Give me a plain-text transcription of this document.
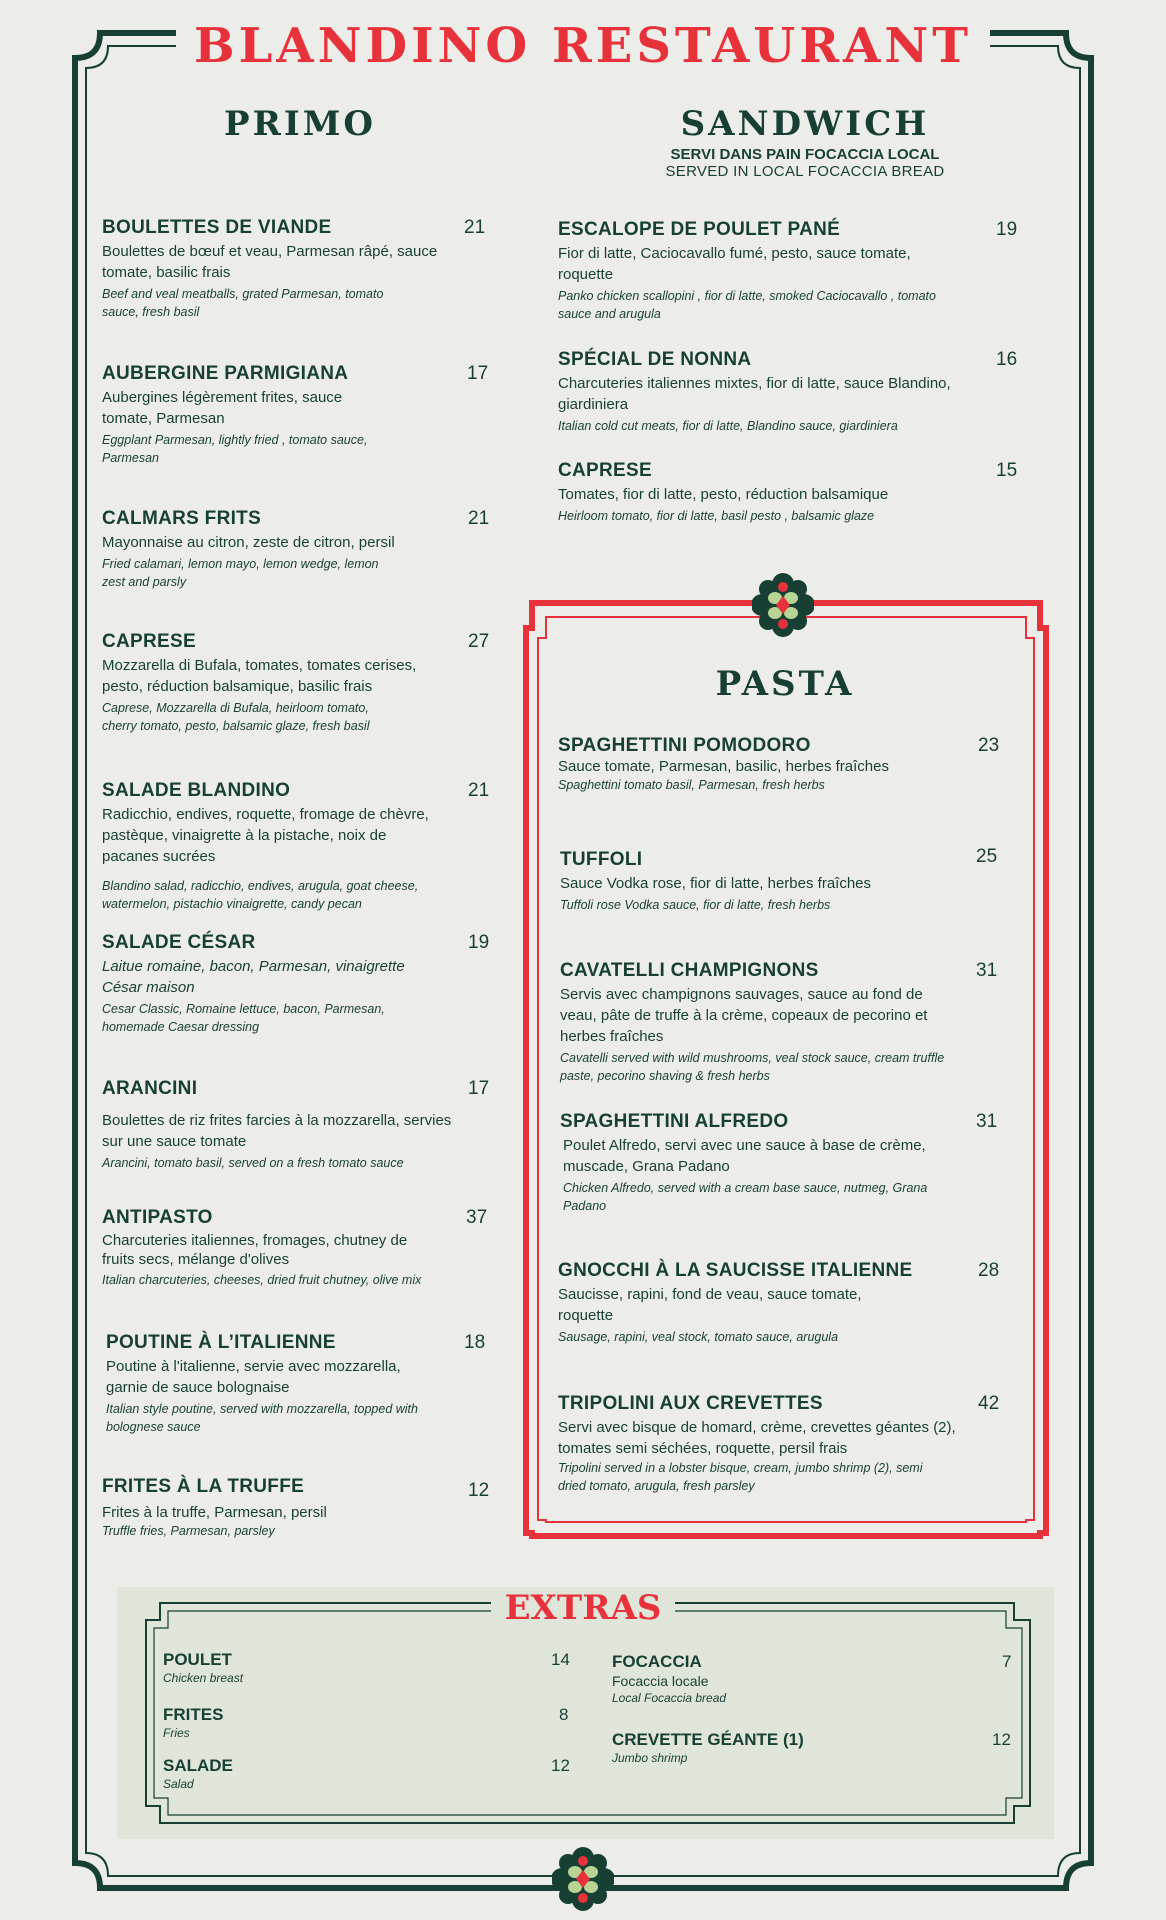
BLANDINO RESTAURANT
PRIMO	SANDWICH
SERVI DANS PAIN FOCACCIA LOCAL
SERVED IN LOCAL FOCACCIA BREAD
PASTA
BOULETTES DE VIANDE	21
Boulettes de bœuf et veau, Parmesan râpé, sauce tomate, basilic frais
Beef and veal meatballs, grated Parmesan, tomato sauce, fresh basil
AUBERGINE PARMIGIANA	17
Aubergines légèrement frites, sauce tomate, Parmesan
Eggplant Parmesan, lightly fried , tomato sauce, Parmesan
CALMARS FRITS	21
Mayonnaise au citron, zeste de citron, persil
Fried calamari, lemon mayo, lemon wedge, lemon zest and parsly
CAPRESE	27
Mozzarella di Bufala, tomates, tomates cerises, pesto, réduction balsamique, basilic frais
Caprese, Mozzarella di Bufala, heirloom tomato, cherry tomato, pesto, balsamic glaze, fresh basil
SALADE BLANDINO	21
Radicchio, endives, roquette, fromage de chèvre, pastèque, vinaigrette à la pistache, noix de pacanes sucrées
Blandino salad, radicchio, endives, arugula, goat cheese, watermelon, pistachio vinaigrette, candy pecan
SALADE CÉSAR	19
Laitue romaine, bacon, Parmesan, vinaigrette César maison
Cesar Classic, Romaine lettuce, bacon, Parmesan, homemade Caesar dressing
ARANCINI	17
Boulettes de riz frites farcies à la mozzarella, servies sur une sauce tomate
Arancini, tomato basil, served on a fresh tomato sauce
ANTIPASTO	37
Charcuteries italiennes, fromages, chutney de fruits secs, mélange d'olives
Italian charcuteries, cheeses, dried fruit chutney, olive mix
POUTINE À L’ITALIENNE	18
Poutine à l'italienne, servie avec mozzarella, garnie de sauce bolognaise
Italian style poutine, served with mozzarella, topped with bolognese sauce
FRITES À LA TRUFFE	12
Frites à la truffe, Parmesan, persil
Truffle fries, Parmesan, parsley
ESCALOPE DE POULET PANÉ	19
Fior di latte, Caciocavallo fumé, pesto, sauce tomate, roquette
Panko chicken scallopini , fior di latte, smoked Caciocavallo , tomato sauce and arugula
SPÉCIAL DE NONNA	16
Charcuteries italiennes mixtes, fior di latte, sauce Blandino, giardiniera
Italian cold cut meats, fior di latte, Blandino sauce, giardiniera
CAPRESE	15
Tomates, fior di latte, pesto, réduction balsamique
Heirloom tomato, fior di latte, basil pesto , balsamic glaze
SPAGHETTINI POMODORO	23
Sauce tomate, Parmesan, basilic, herbes fraîches
Spaghettini tomato basil, Parmesan, fresh herbs
TUFFOLI	25
Sauce Vodka rose, fior di latte, herbes fraîches
Tuffoli rose Vodka sauce, fior di latte, fresh herbs
CAVATELLI CHAMPIGNONS	31
Servis avec champignons sauvages, sauce au fond de veau, pâte de truffe à la crème, copeaux de pecorino et herbes fraîches
Cavatelli served with wild mushrooms, veal stock sauce, cream truffle paste, pecorino shaving & fresh herbs
SPAGHETTINI ALFREDO	31
Poulet Alfredo, servi avec une sauce à base de crème, muscade, Grana Padano
Chicken Alfredo, served with a cream base sauce, nutmeg, Grana Padano
GNOCCHI À LA SAUCISSE ITALIENNE	28
Saucisse, rapini, fond de veau, sauce tomate, roquette
Sausage, rapini, veal stock, tomato sauce, arugula
TRIPOLINI AUX CREVETTES	42
Servi avec bisque de homard, crème, crevettes géantes (2), tomates semi séchées, roquette, persil frais
Tripolini served in a lobster bisque, cream, jumbo shrimp (2), semi dried tomato, arugula, fresh parsley
EXTRAS
POULET	14
Chicken breast
FRITES	8
Fries
SALADE	12
Salad
FOCACCIA	7
Focaccia locale
Local Focaccia bread
CREVETTE GÉANTE (1)	12
Jumbo shrimp
